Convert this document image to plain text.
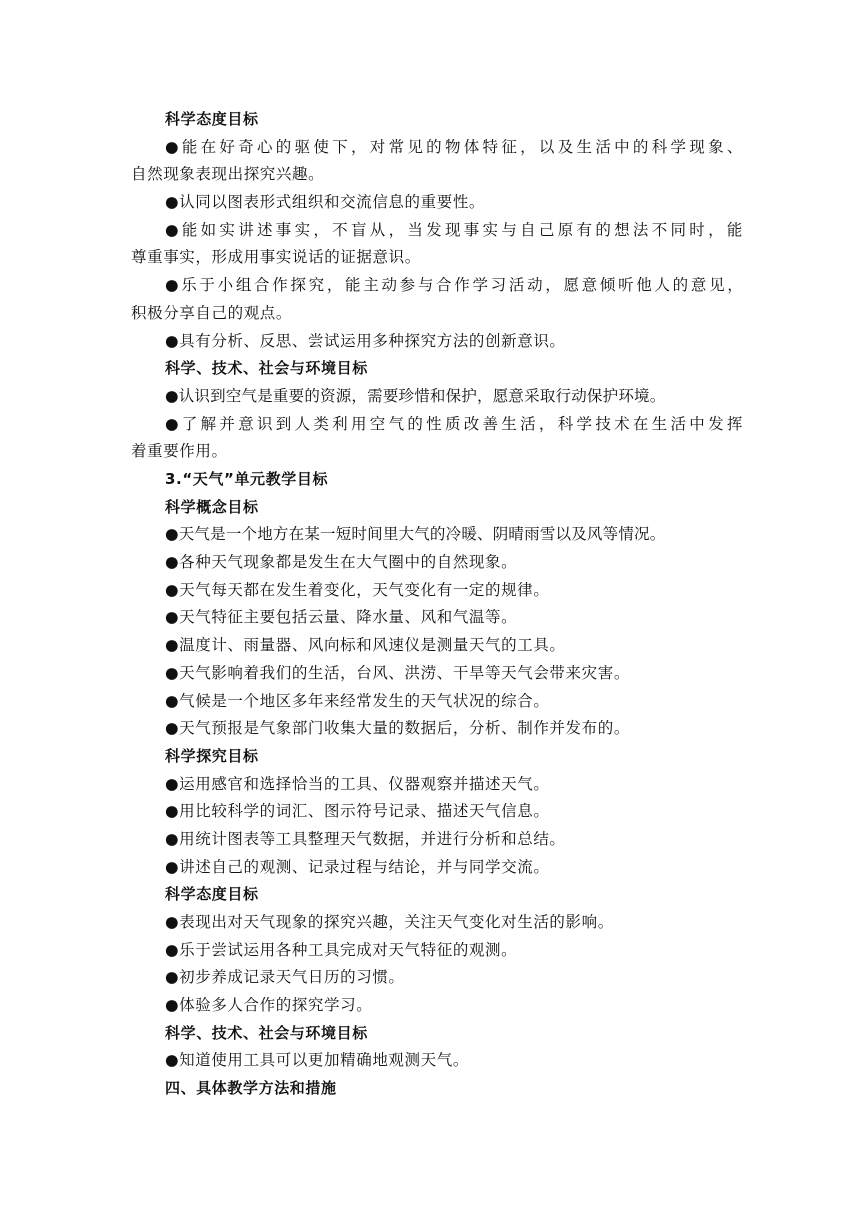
科学态度目标
●能在好奇心的驱使下，对常见的物体特征，以及生活中的科学现象、
自然现象表现出探究兴趣。
●认同以图表形式组织和交流信息的重要性。
●能如实讲述事实，不盲从，当发现事实与自己原有的想法不同时，能
尊重事实，形成用事实说话的证据意识。
●乐于小组合作探究，能主动参与合作学习活动，愿意倾听他人的意见，
积极分享自己的观点。
●具有分析、反思、尝试运用多种探究方法的创新意识。
科学、技术、社会与环境目标
●认识到空气是重要的资源，需要珍惜和保护，愿意采取行动保护环境。
●了解并意识到人类利用空气的性质改善生活，科学技术在生活中发挥
着重要作用。
3.“天气”单元教学目标
科学概念目标
●天气是一个地方在某一短时间里大气的冷暖、阴晴雨雪以及风等情况。
●各种天气现象都是发生在大气圈中的自然现象。
●天气每天都在发生着变化，天气变化有一定的规律。
●天气特征主要包括云量、降水量、风和气温等。
●温度计、雨量器、风向标和风速仪是测量天气的工具。
●天气影响着我们的生活，台风、洪涝、干旱等天气会带来灾害。
●气候是一个地区多年来经常发生的天气状况的综合。
●天气预报是气象部门收集大量的数据后，分析、制作并发布的。
科学探究目标
●运用感官和选择恰当的工具、仪器观察并描述天气。
●用比较科学的词汇、图示符号记录、描述天气信息。
●用统计图表等工具整理天气数据，并进行分析和总结。
●讲述自己的观测、记录过程与结论，并与同学交流。
科学态度目标
●表现出对天气现象的探究兴趣，关注天气变化对生活的影响。
●乐于尝试运用各种工具完成对天气特征的观测。
●初步养成记录天气日历的习惯。
●体验多人合作的探究学习。
科学、技术、社会与环境目标
●知道使用工具可以更加精确地观测天气。
四、具体教学方法和措施
